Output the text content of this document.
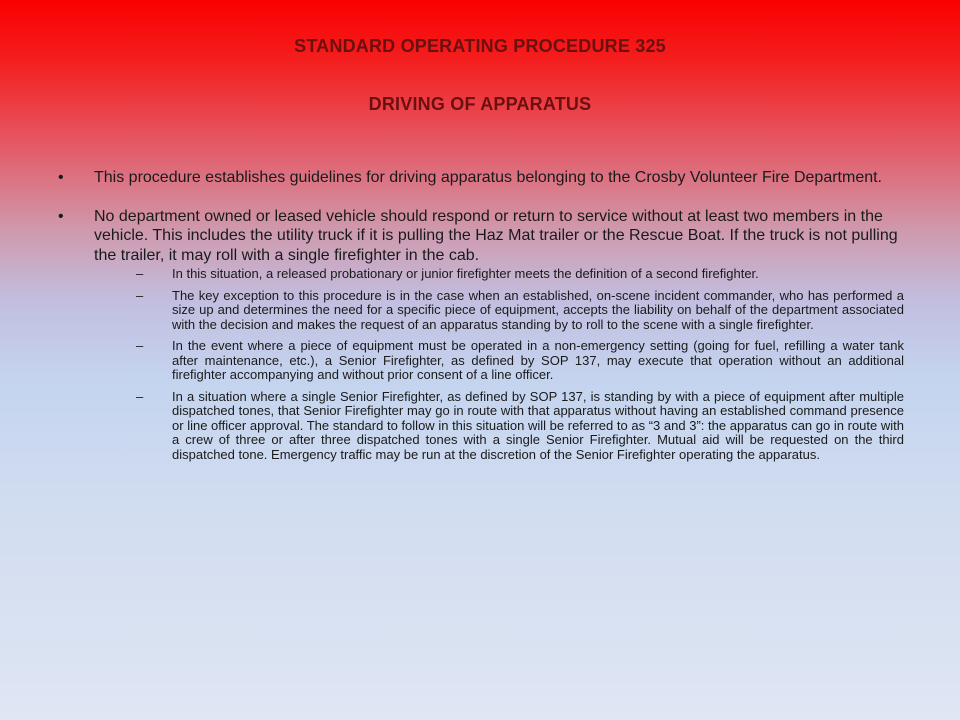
STANDARD OPERATING PROCEDURE 325
DRIVING OF APPARATUS
• This procedure establishes guidelines for driving apparatus belonging to the Crosby Volunteer Fire Department.
• No department owned or leased vehicle should respond or return to service without at least two members in the vehicle. This includes the utility truck if it is pulling the Haz Mat trailer or the Rescue Boat. If the truck is not pulling the trailer, it may roll with a single firefighter in the cab.
– In this situation, a released probationary or junior firefighter meets the definition of a second firefighter.
– The key exception to this procedure is in the case when an established, on-scene incident commander, who has performed a size up and determines the need for a specific piece of equipment, accepts the liability on behalf of the department associated with the decision and makes the request of an apparatus standing by to roll to the scene with a single firefighter.
– In the event where a piece of equipment must be operated in a non-emergency setting (going for fuel, refilling a water tank after maintenance, etc.), a Senior Firefighter, as defined by SOP 137, may execute that operation without an additional firefighter accompanying and without prior consent of a line officer.
– In a situation where a single Senior Firefighter, as defined by SOP 137, is standing by with a piece of equipment after multiple dispatched tones, that Senior Firefighter may go in route with that apparatus without having an established command presence or line officer approval. The standard to follow in this situation will be referred to as “3 and 3”: the apparatus can go in route with a crew of three or after three dispatched tones with a single Senior Firefighter. Mutual aid will be requested on the third dispatched tone. Emergency traffic may be run at the discretion of the Senior Firefighter operating the apparatus.
